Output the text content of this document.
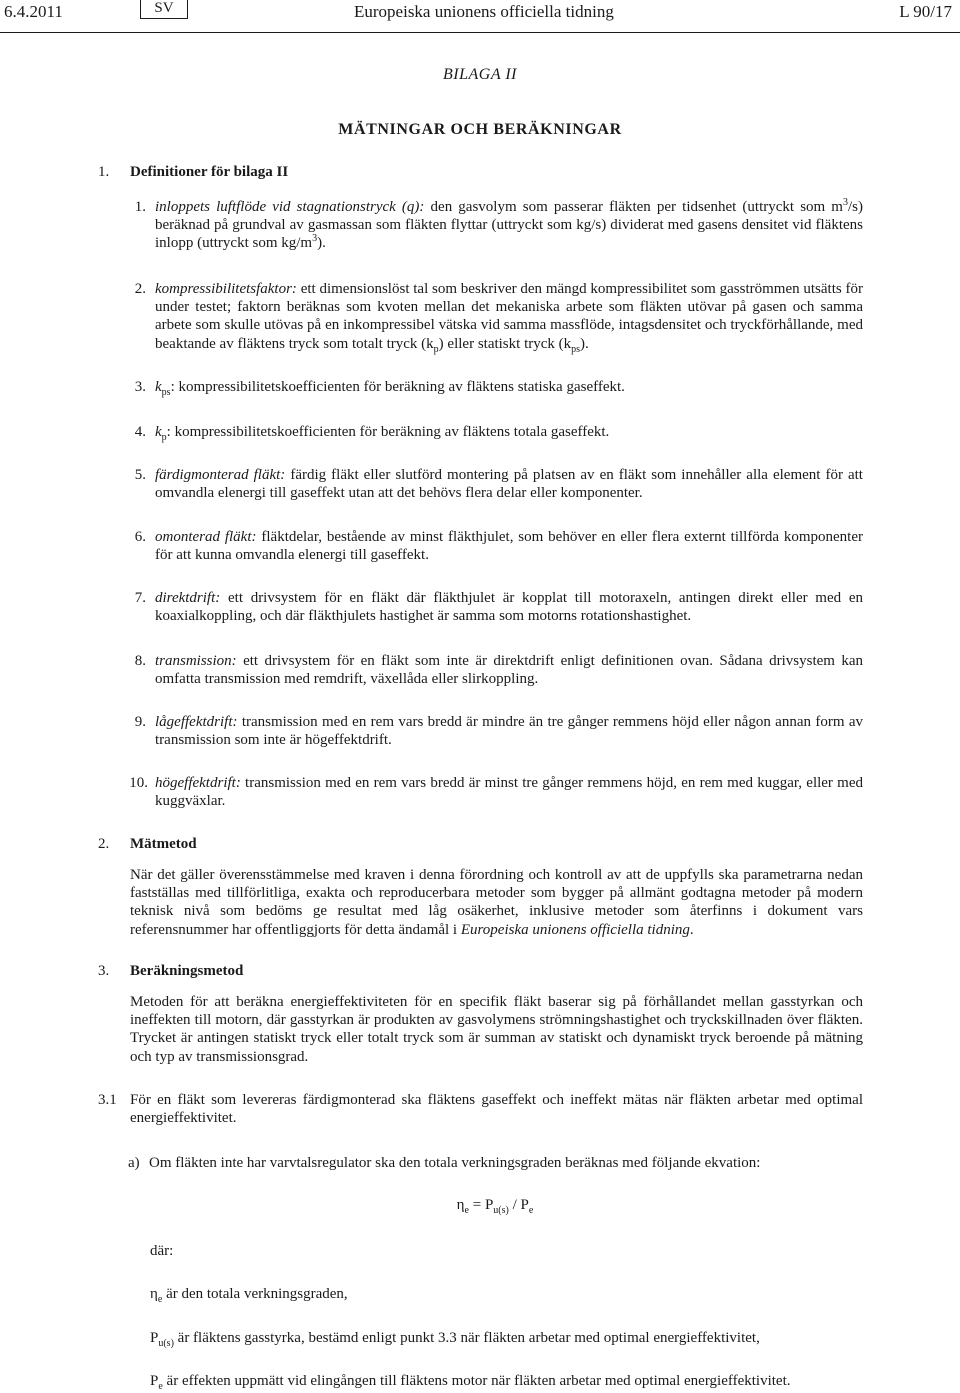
6.4.2011	SV	Europeiska unionens officiella tidning	L 90/17
BILAGA II
MÄTNINGAR OCH BERÄKNINGAR
1. Definitioner för bilaga II
1. inloppets luftflöde vid stagnationstryck (q): den gasvolym som passerar fläkten per tidsenhet (uttryckt som $m^3/s$) beräknad på grundval av gasmassan som fläkten flyttar (uttryckt som kg/s) dividerat med gasens densitet vid fläktens inlopp (uttryckt som $kg/m^3$).
2. kompressibilitetsfaktor: ett dimensionslöst tal som beskriver den mängd kompressibilitet som gasströmmen utsätts för under testet; faktorn beräknas som kvoten mellan det mekaniska arbete som fläkten utövar på gasen och samma arbete som skulle utövas på en inkompressibel vätska vid samma massflöde, intagsdensitet och tryckförhållande, med beaktande av fläktens tryck som totalt tryck $(k_p)$ eller statiskt tryck $(k_{ps})$.
3. $k_{ps}$: kompressibilitetskoefficienten för beräkning av fläktens statiska gaseffekt.
4. $k_p$: kompressibilitetskoefficienten för beräkning av fläktens totala gaseffekt.
5. färdigmonterad fläkt: färdig fläkt eller slutförd montering på platsen av en fläkt som innehåller alla element för att omvandla elenergi till gaseffekt utan att det behövs flera delar eller komponenter.
6. omonterad fläkt: fläktdelar, bestående av minst fläkthjulet, som behöver en eller flera externt tillförda komponenter för att kunna omvandla elenergi till gaseffekt.
7. direktdrift: ett drivsystem för en fläkt där fläkthjulet är kopplat till motoraxeln, antingen direkt eller med en koaxialkoppling, och där fläkthjulets hastighet är samma som motorns rotationshastighet.
8. transmission: ett drivsystem för en fläkt som inte är direktdrift enligt definitionen ovan. Sådana drivsystem kan omfatta transmission med remdrift, växellåda eller slirkoppling.
9. lågeffektdrift: transmission med en rem vars bredd är mindre än tre gånger remmens höjd eller någon annan form av transmission som inte är högeffektdrift.
10. högeffektdrift: transmission med en rem vars bredd är minst tre gånger remmens höjd, en rem med kuggar, eller med kuggväxlar.
2. Mätmetod
När det gäller överensstämmelse med kraven i denna förordning och kontroll av att de uppfylls ska parametrarna nedan fastställas med tillförlitliga, exakta och reproducerbara metoder som bygger på allmänt godtagna metoder på modern teknisk nivå som bedöms ge resultat med låg osäkerhet, inklusive metoder som återfinns i dokument vars referensnummer har offentliggjorts för detta ändamål i Europeiska unionens officiella tidning.
3. Beräkningsmetod
Metoden för att beräkna energieffektiviteten för en specifik fläkt baserar sig på förhållandet mellan gasstyrkan och ineffekten till motorn, där gasstyrkan är produkten av gasvolymens strömningshastighet och tryckskillnaden över fläkten. Trycket är antingen statiskt tryck eller totalt tryck som är summan av statiskt och dynamiskt tryck beroende på mätning och typ av transmissionsgrad.
3.1 För en fläkt som levereras färdigmonterad ska fläktens gaseffekt och ineffekt mätas när fläkten arbetar med optimal energieffektivitet.
a) Om fläkten inte har varvtalsregulator ska den totala verkningsgraden beräknas med följande ekvation:
$\eta_e = P_{u(s)} / P_e$
där:
$\eta_e$ är den totala verkningsgraden,
$P_{u(s)}$ är fläktens gasstyrka, bestämd enligt punkt 3.3 när fläkten arbetar med optimal energieffektivitet,
$P_e$ är effekten uppmätt vid elingången till fläktens motor när fläkten arbetar med optimal energieffektivitet.
